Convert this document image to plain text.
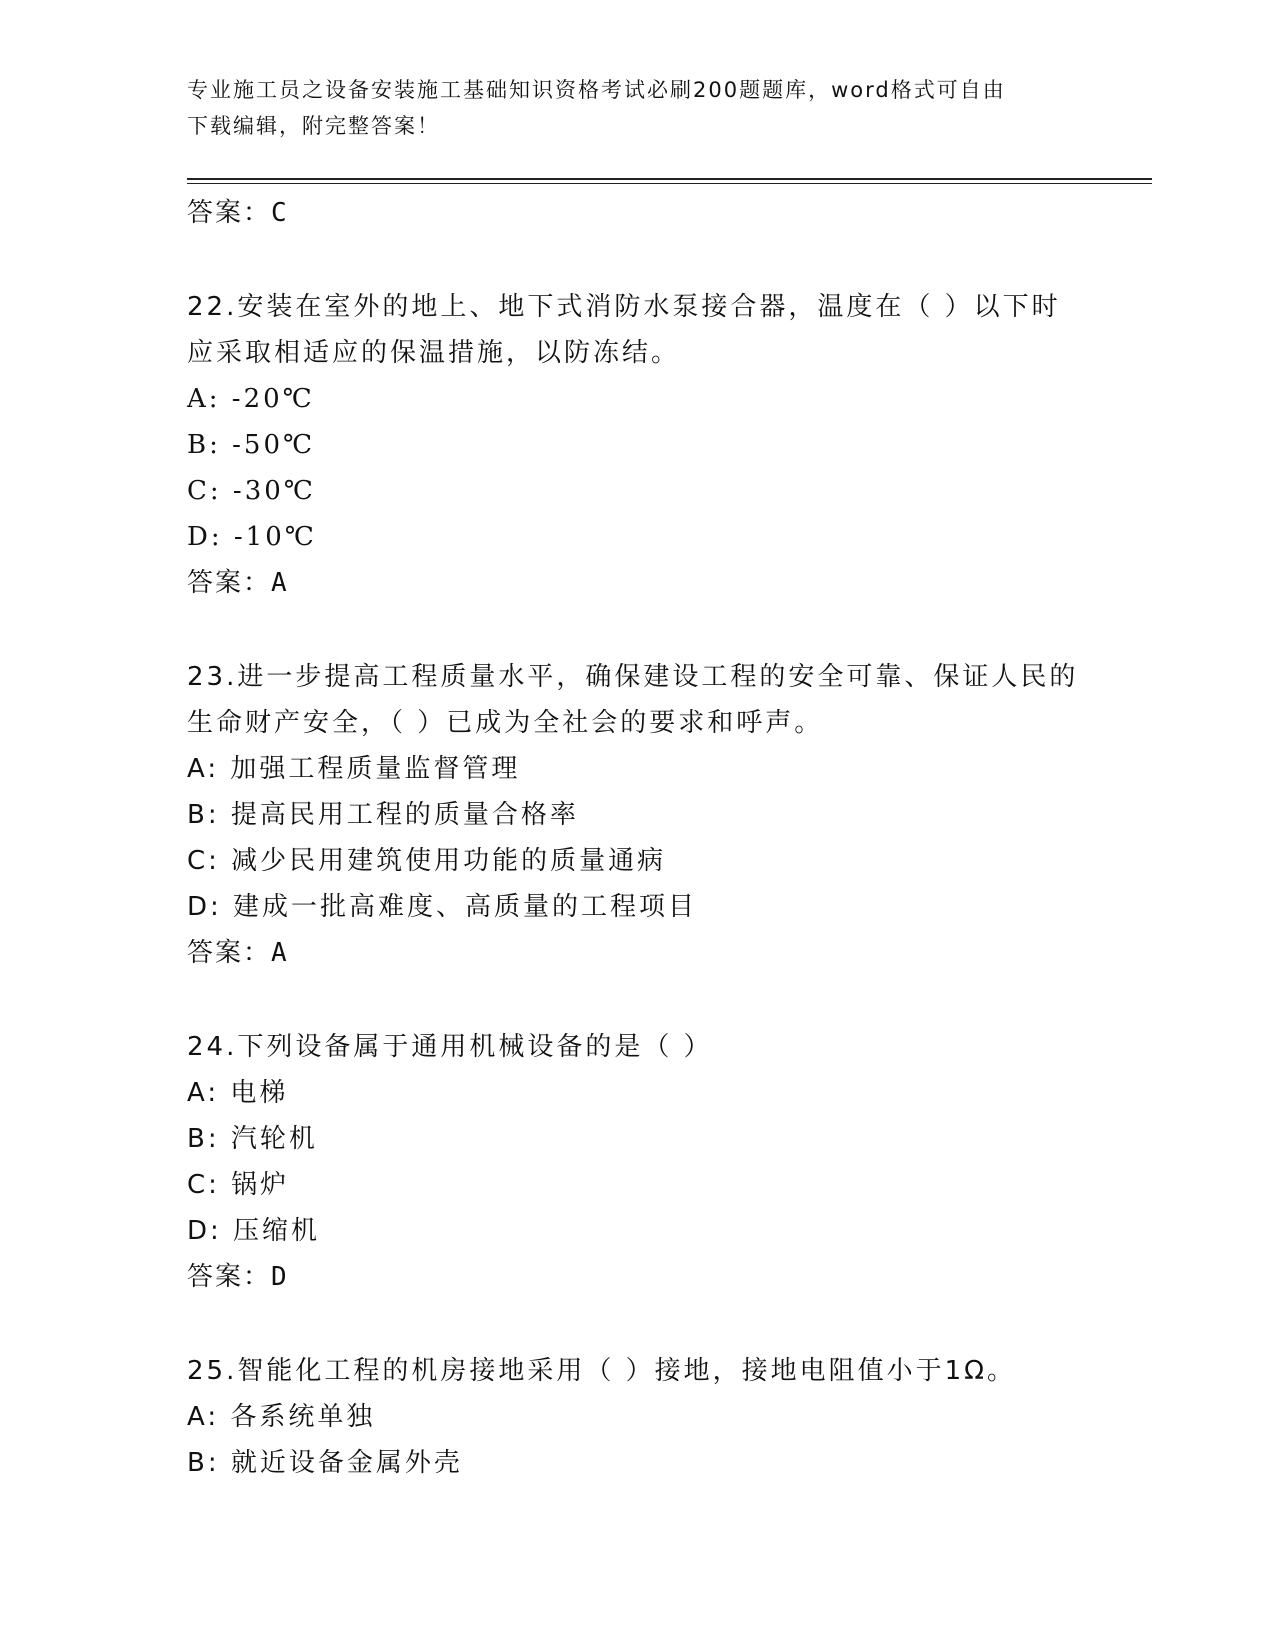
专业施工员之设备安装施工基础知识资格考试必刷200题题库，word格式可自由
下载编辑，附完整答案！
答案：C
22.安装在室外的地上、地下式消防水泵接合器，温度在（ ）以下时
应采取相适应的保温措施，以防冻结。
A: -20℃
B: -50℃
C: -30℃
D: -10℃
答案：A
23.进一步提高工程质量水平，确保建设工程的安全可靠、保证人民的
生命财产安全，（ ）已成为全社会的要求和呼声。
A: 加强工程质量监督管理
B: 提高民用工程的质量合格率
C: 减少民用建筑使用功能的质量通病
D: 建成一批高难度、高质量的工程项目
答案：A
24.下列设备属于通用机械设备的是（ ）
A: 电梯
B: 汽轮机
C: 锅炉
D: 压缩机
答案：D
25.智能化工程的机房接地采用（ ）接地，接地电阻值小于1Ω。
A: 各系统单独
B: 就近设备金属外壳
